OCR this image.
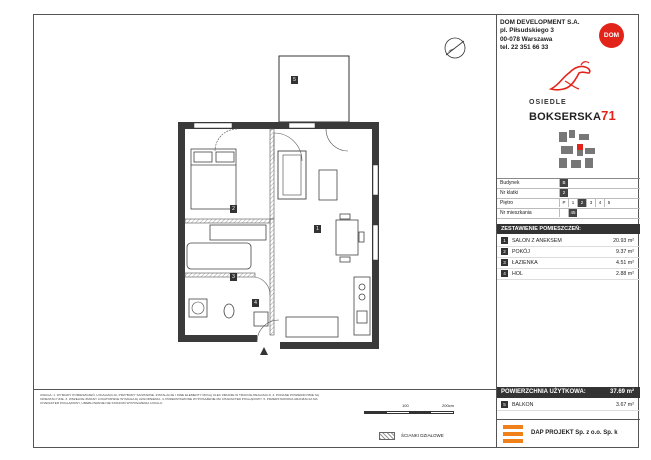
1
2
3
4
5
UWAGA: 1. WYMIARY POMIESZCZEŃ, LOKALIZACJA, PRZYBORY SANITARNE, INSTALACJE I INNE ELEMENTY MOGĄ ULEC ZMIANIE W TRAKCIE REALIZACJI. 2. PODANE POWIERZCHNIE SĄ ORIENTACYJNE. 3. WSZELKIE ZMIANY LOKATORSKIE WYMAGAJĄ UZGODNIENIA. 4. PRZEDSTAWIONE WYPOSAŻENIE MA CHARAKTER POGLĄDOWY. 5. PRZEDSTAWIONA ARANŻACJA MA CHARAKTER POGLĄDOWY, UMEBLOWANIE NIE STANOWI WYPOSAŻENIA LOKALU.	100	200cm
ŚCIANKI DZIAŁOWE
DOM DEVELOPMENT S.A.
pl. Piłsudskiego 3
00-078 Warszawa
tel. 22 351 66 33
DOM
OSIEDLE
BOKSERSKA71
Budynek	B
Nr klatki	2
Piętro	P	1	2	3	4	5
Nr mieszkania	45
ZESTAWIENIE POMIESZCZEŃ:
1	SALON Z ANEKSEM	20.93 m²
2	POKÓJ	9.37 m²
3	ŁAZIENKA	4.51 m²
4	HOL	2.88 m²
POWIERZCHNIA UŻYTKOWA:	37.69 m²
5	BALKON	3.67 m²
DAP PROJEKT Sp. z o.o. Sp. k
